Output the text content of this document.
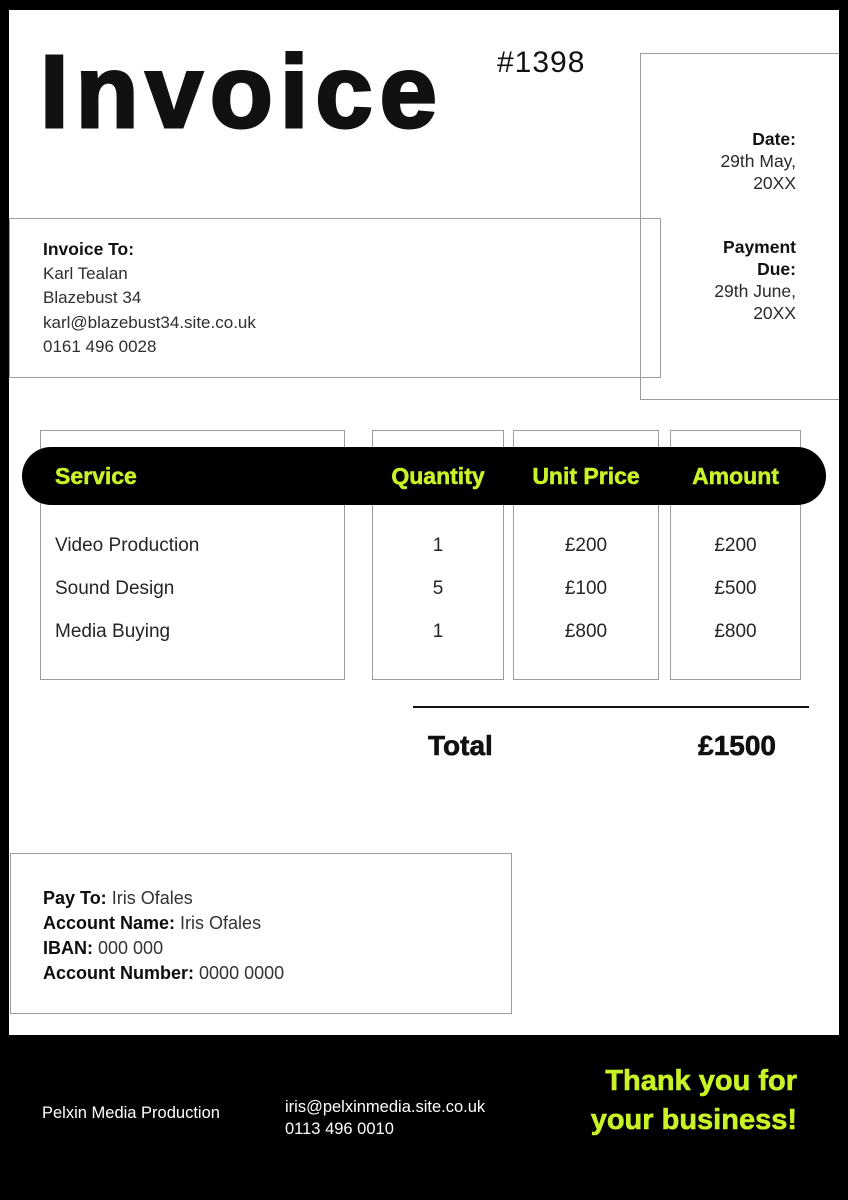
Invoice #1398
Date:
29th May,
20XX
Payment Due:
29th June,
20XX
Invoice To:
Karl Tealan
Blazebust 34
karl@blazebust34.site.co.uk
0161 496 0028
Service	Quantity	Unit Price	Amount
Video Production	1	£200	£200
Sound Design	5	£100	£500
Media Buying	1	£800	£800
Total	£1500
Pay To: Iris Ofales
Account Name: Iris Ofales
IBAN: 000 000
Account Number: 0000 0000
Pelxin Media Production	iris@pelxinmedia.site.co.uk
0113 496 0010
Thank you for
your business!
